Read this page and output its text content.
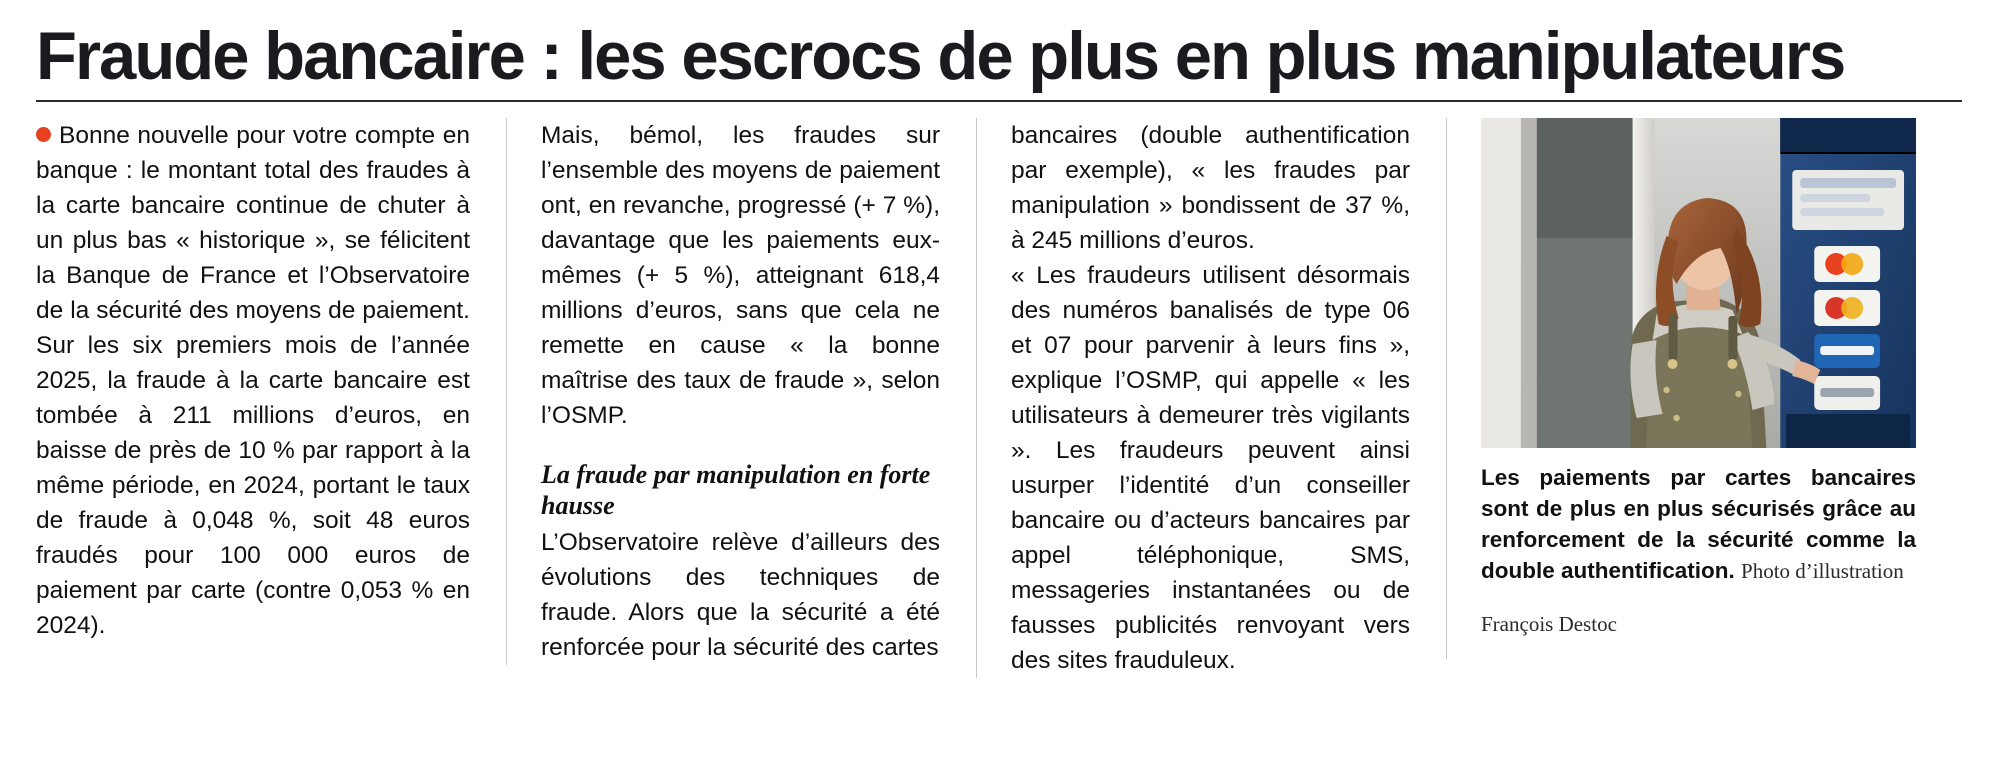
Fraude bancaire : les escrocs de plus en plus manipulateurs

Bonne nouvelle pour votre compte en banque : le montant total des fraudes à la carte bancaire continue de chuter à un plus bas « historique », se félicitent la Banque de France et l’Observatoire de la sécurité des moyens de paiement. Sur les six premiers mois de l’année 2025, la fraude à la carte bancaire est tombée à 211 millions d’euros, en baisse de près de 10 % par rapport à la même période, en 2024, portant le taux de fraude à 0,048 %, soit 48 euros fraudés pour 100 000 euros de paiement par carte (contre 0,053 % en 2024).

Mais, bémol, les fraudes sur l’ensemble des moyens de paiement ont, en revanche, progressé (+ 7 %), davantage que les paiements eux-mêmes (+ 5 %), atteignant 618,4 millions d’euros, sans que cela ne remette en cause « la bonne maîtrise des taux de fraude », selon l’OSMP.

La fraude par manipulation en forte hausse

L’Observatoire relève d’ailleurs des évolutions des techniques de fraude. Alors que la sécurité a été renforcée pour la sécurité des cartes

bancaires (double authentification par exemple), « les fraudes par manipulation » bondissent de 37 %, à 245 millions d’euros.

« Les fraudeurs utilisent désormais des numéros banalisés de type 06 et 07 pour parvenir à leurs fins », explique l’OSMP, qui appelle « les utilisateurs à demeurer très vigilants ». Les fraudeurs peuvent ainsi usurper l’identité d’un conseiller bancaire ou d’acteurs bancaires par appel téléphonique, SMS, messageries instantanées ou de fausses publicités renvoyant vers des sites frauduleux.

Les paiements par cartes bancaires sont de plus en plus sécurisés grâce au renforcement de la sécurité comme la double authentification. Photo d’illustration

François Destoc
